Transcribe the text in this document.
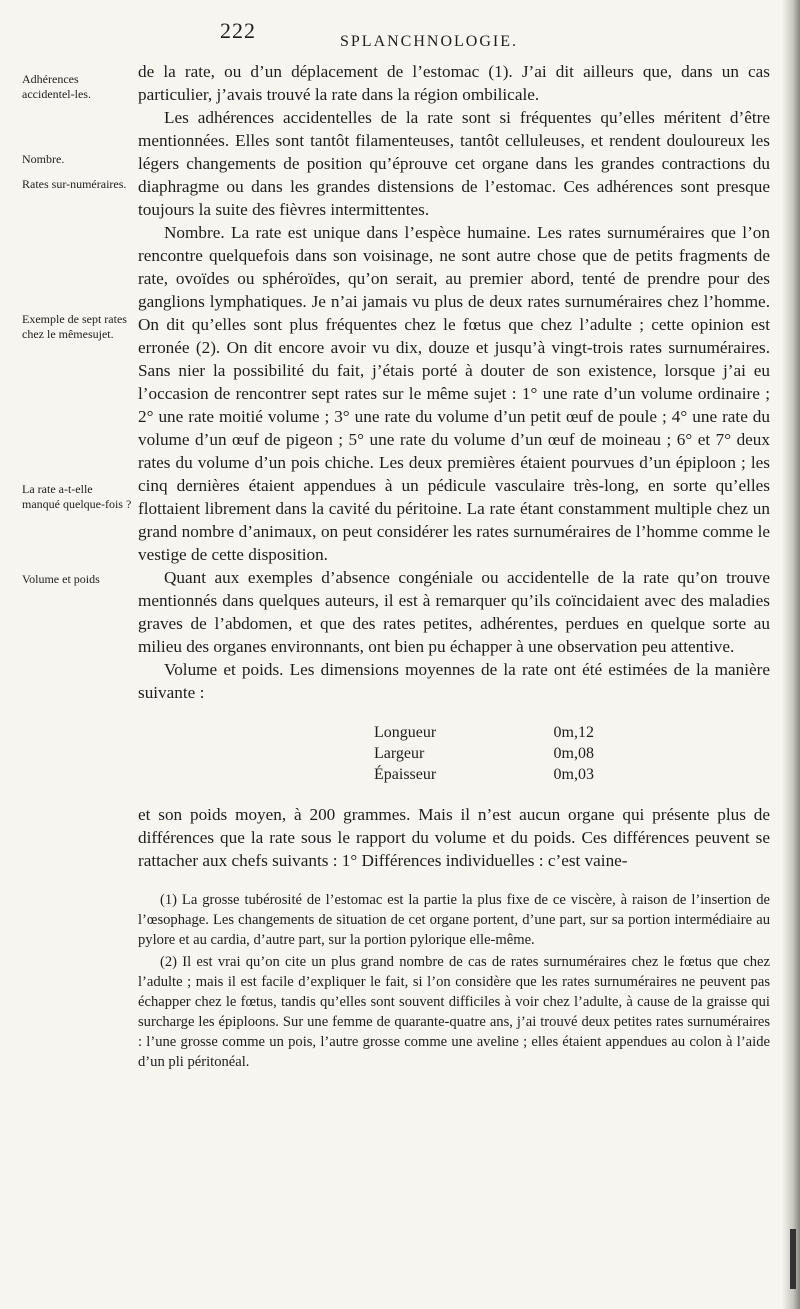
222	SPLANCHNOLOGIE.
Adhérences accidentel-les.
Nombre.
Rates sur-numéraires.
Exemple de sept rates chez le mêmesujet.
La rate a-t-elle manqué quelque-fois ?
Volume et poids

de la rate, ou d’un déplacement de l’estomac (1). J’ai dit ailleurs que, dans un cas particulier, j’avais trouvé la rate dans la région ombilicale.

Les adhérences accidentelles de la rate sont si fréquentes qu’elles méritent d’être mentionnées. Elles sont tantôt filamenteuses, tantôt celluleuses, et rendent douloureux les légers changements de position qu’éprouve cet organe dans les grandes contractions du diaphragme ou dans les grandes distensions de l’estomac. Ces adhérences sont presque toujours la suite des fièvres intermittentes.

Nombre. La rate est unique dans l’espèce humaine. Les rates surnuméraires que l’on rencontre quelquefois dans son voisinage, ne sont autre chose que de petits fragments de rate, ovoïdes ou sphéroïdes, qu’on serait, au premier abord, tenté de prendre pour des ganglions lymphatiques. Je n’ai jamais vu plus de deux rates surnuméraires chez l’homme. On dit qu’elles sont plus fréquentes chez le fœtus que chez l’adulte ; cette opinion est erronée (2). On dit encore avoir vu dix, douze et jusqu’à vingt-trois rates surnuméraires. Sans nier la possibilité du fait, j’étais porté à douter de son existence, lorsque j’ai eu l’occasion de rencontrer sept rates sur le même sujet : 1° une rate d’un volume ordinaire ; 2° une rate moitié volume ; 3° une rate du volume d’un petit œuf de poule ; 4° une rate du volume d’un œuf de pigeon ; 5° une rate du volume d’un œuf de moineau ; 6° et 7° deux rates du volume d’un pois chiche. Les deux premières étaient pourvues d’un épiploon ; les cinq dernières étaient appendues à un pédicule vasculaire très-long, en sorte qu’elles flottaient librement dans la cavité du péritoine. La rate étant constamment multiple chez un grand nombre d’animaux, on peut considérer les rates surnuméraires de l’homme comme le vestige de cette disposition.

Quant aux exemples d’absence congéniale ou accidentelle de la rate qu’on trouve mentionnés dans quelques auteurs, il est à remarquer qu’ils coïncidaient avec des maladies graves de l’abdomen, et que des rates petites, adhérentes, perdues en quelque sorte au milieu des organes environnants, ont bien pu échapper à une observation peu attentive.

Volume et poids. Les dimensions moyennes de la rate ont été estimées de la manière suivante :

Longueur	0m,12
Largeur	0m,08
Épaisseur	0m,03

et son poids moyen, à 200 grammes. Mais il n’est aucun organe qui présente plus de différences que la rate sous le rapport du volume et du poids. Ces différences peuvent se rattacher aux chefs suivants : 1° Différences individuelles : c’est vaine-

(1) La grosse tubérosité de l’estomac est la partie la plus fixe de ce viscère, à raison de l’insertion de l’œsophage. Les changements de situation de cet organe portent, d’une part, sur sa portion intermédiaire au pylore et au cardia, d’autre part, sur la portion pylorique elle-même.

(2) Il est vrai qu’on cite un plus grand nombre de cas de rates surnuméraires chez le fœtus que chez l’adulte ; mais il est facile d’expliquer le fait, si l’on considère que les rates surnuméraires ne peuvent pas échapper chez le fœtus, tandis qu’elles sont souvent difficiles à voir chez l’adulte, à cause de la graisse qui surcharge les épiploons. Sur une femme de quarante-quatre ans, j’ai trouvé deux petites rates surnuméraires : l’une grosse comme un pois, l’autre grosse comme une aveline ; elles étaient appendues au colon à l’aide d’un pli péritonéal.
